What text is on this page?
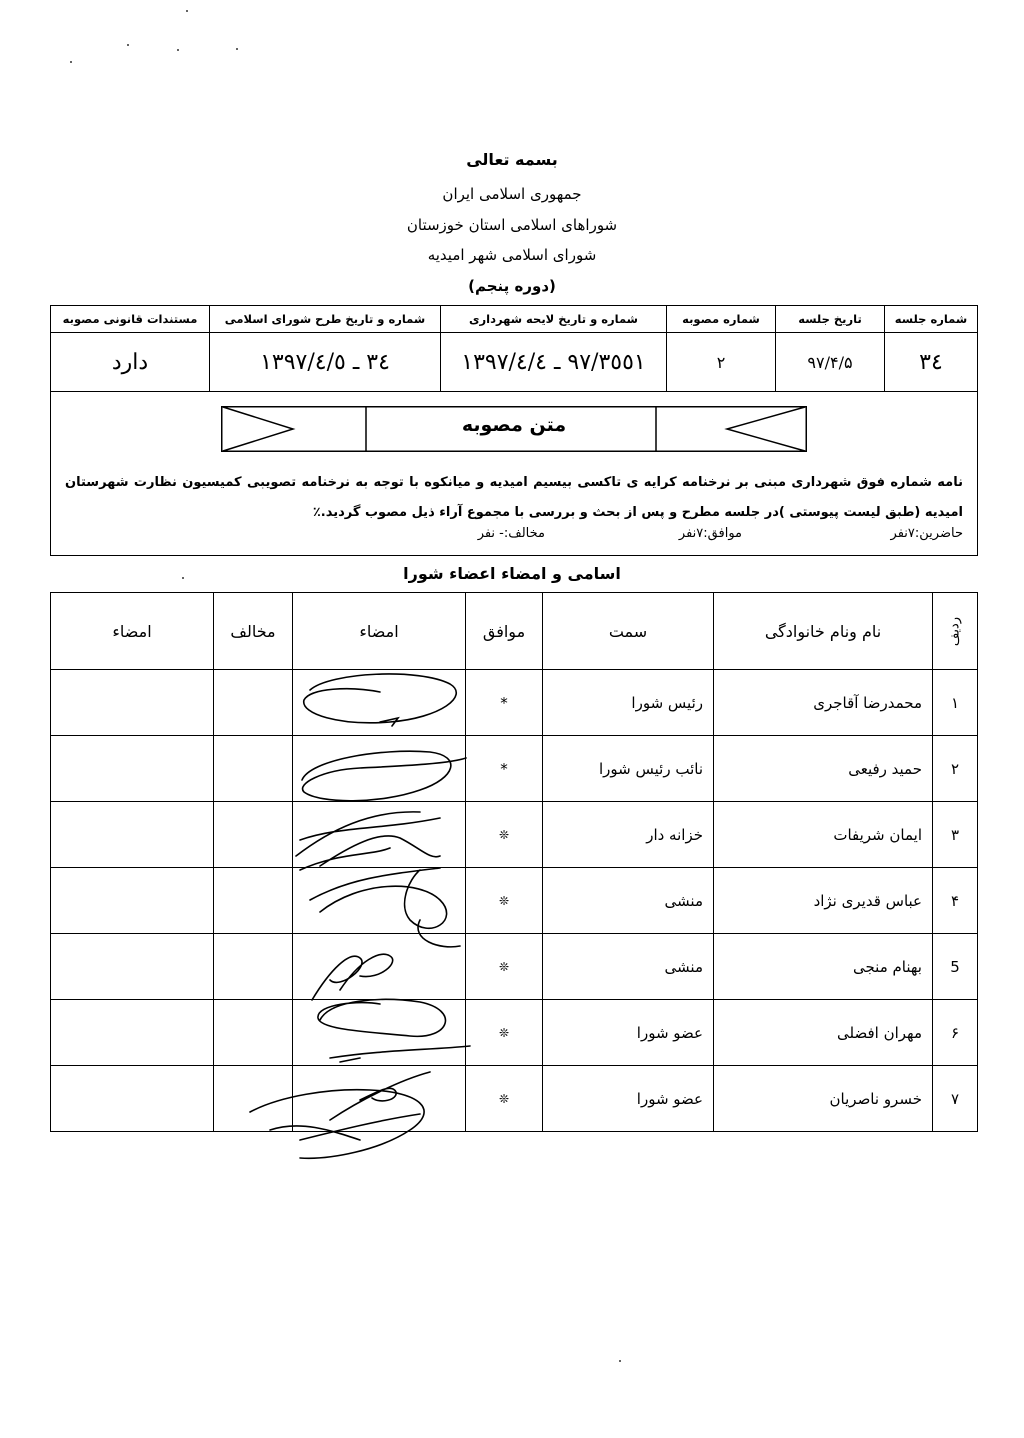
بسمه تعالی
جمهوری اسلامی ایران
شوراهای اسلامی استان خوزستان
شورای اسلامی شهر امیدیه
(دوره پنجم)
شماره جلسه	تاریخ جلسه	شماره مصوبه	شماره و تاریخ لایحه شهرداری	شماره و تاریخ طرح شورای اسلامی	مستندات قانونی مصوبه
٣٤	۹۷/۴/۵	۲	٩٧/٣٥٥١ ـ ١٣٩٧/٤/٤	٣٤ ـ ١٣٩٧/٤/٥	دارد
متن مصوبه
نامه شماره فوق شهرداری مبنی بر نرخنامه کرایه ی تاکسی بیسیم امیدیه و میانکوه با توجه به نرخنامه تصویبی کمیسیون نظارت شهرستان امیدیه (طبق لیست پیوستی )در جلسه مطرح و پس از بحث و بررسی با مجموع آراء ذیل مصوب گردید.٪
حاضرین:۷نفر
موافق:۷نفر
مخالف:- نفر
اسامی و امضاء اعضاء شورا
ردیف	نام ونام خانوادگی	سمت	موافق	امضاء	مخالف	امضاء
١	محمدرضا آقاجری	رئیس شورا	*			
٢	حمید رفیعی	نائب رئیس شورا	*			
٣	ایمان شریفات	خزانه دار	❊			
۴	عباس قدیری نژاد	منشی	❊			
5	بهنام منجی	منشی	❊			
۶	مهران افضلی	عضو شورا	❊			
٧	خسرو ناصریان	عضو شورا	❊			
